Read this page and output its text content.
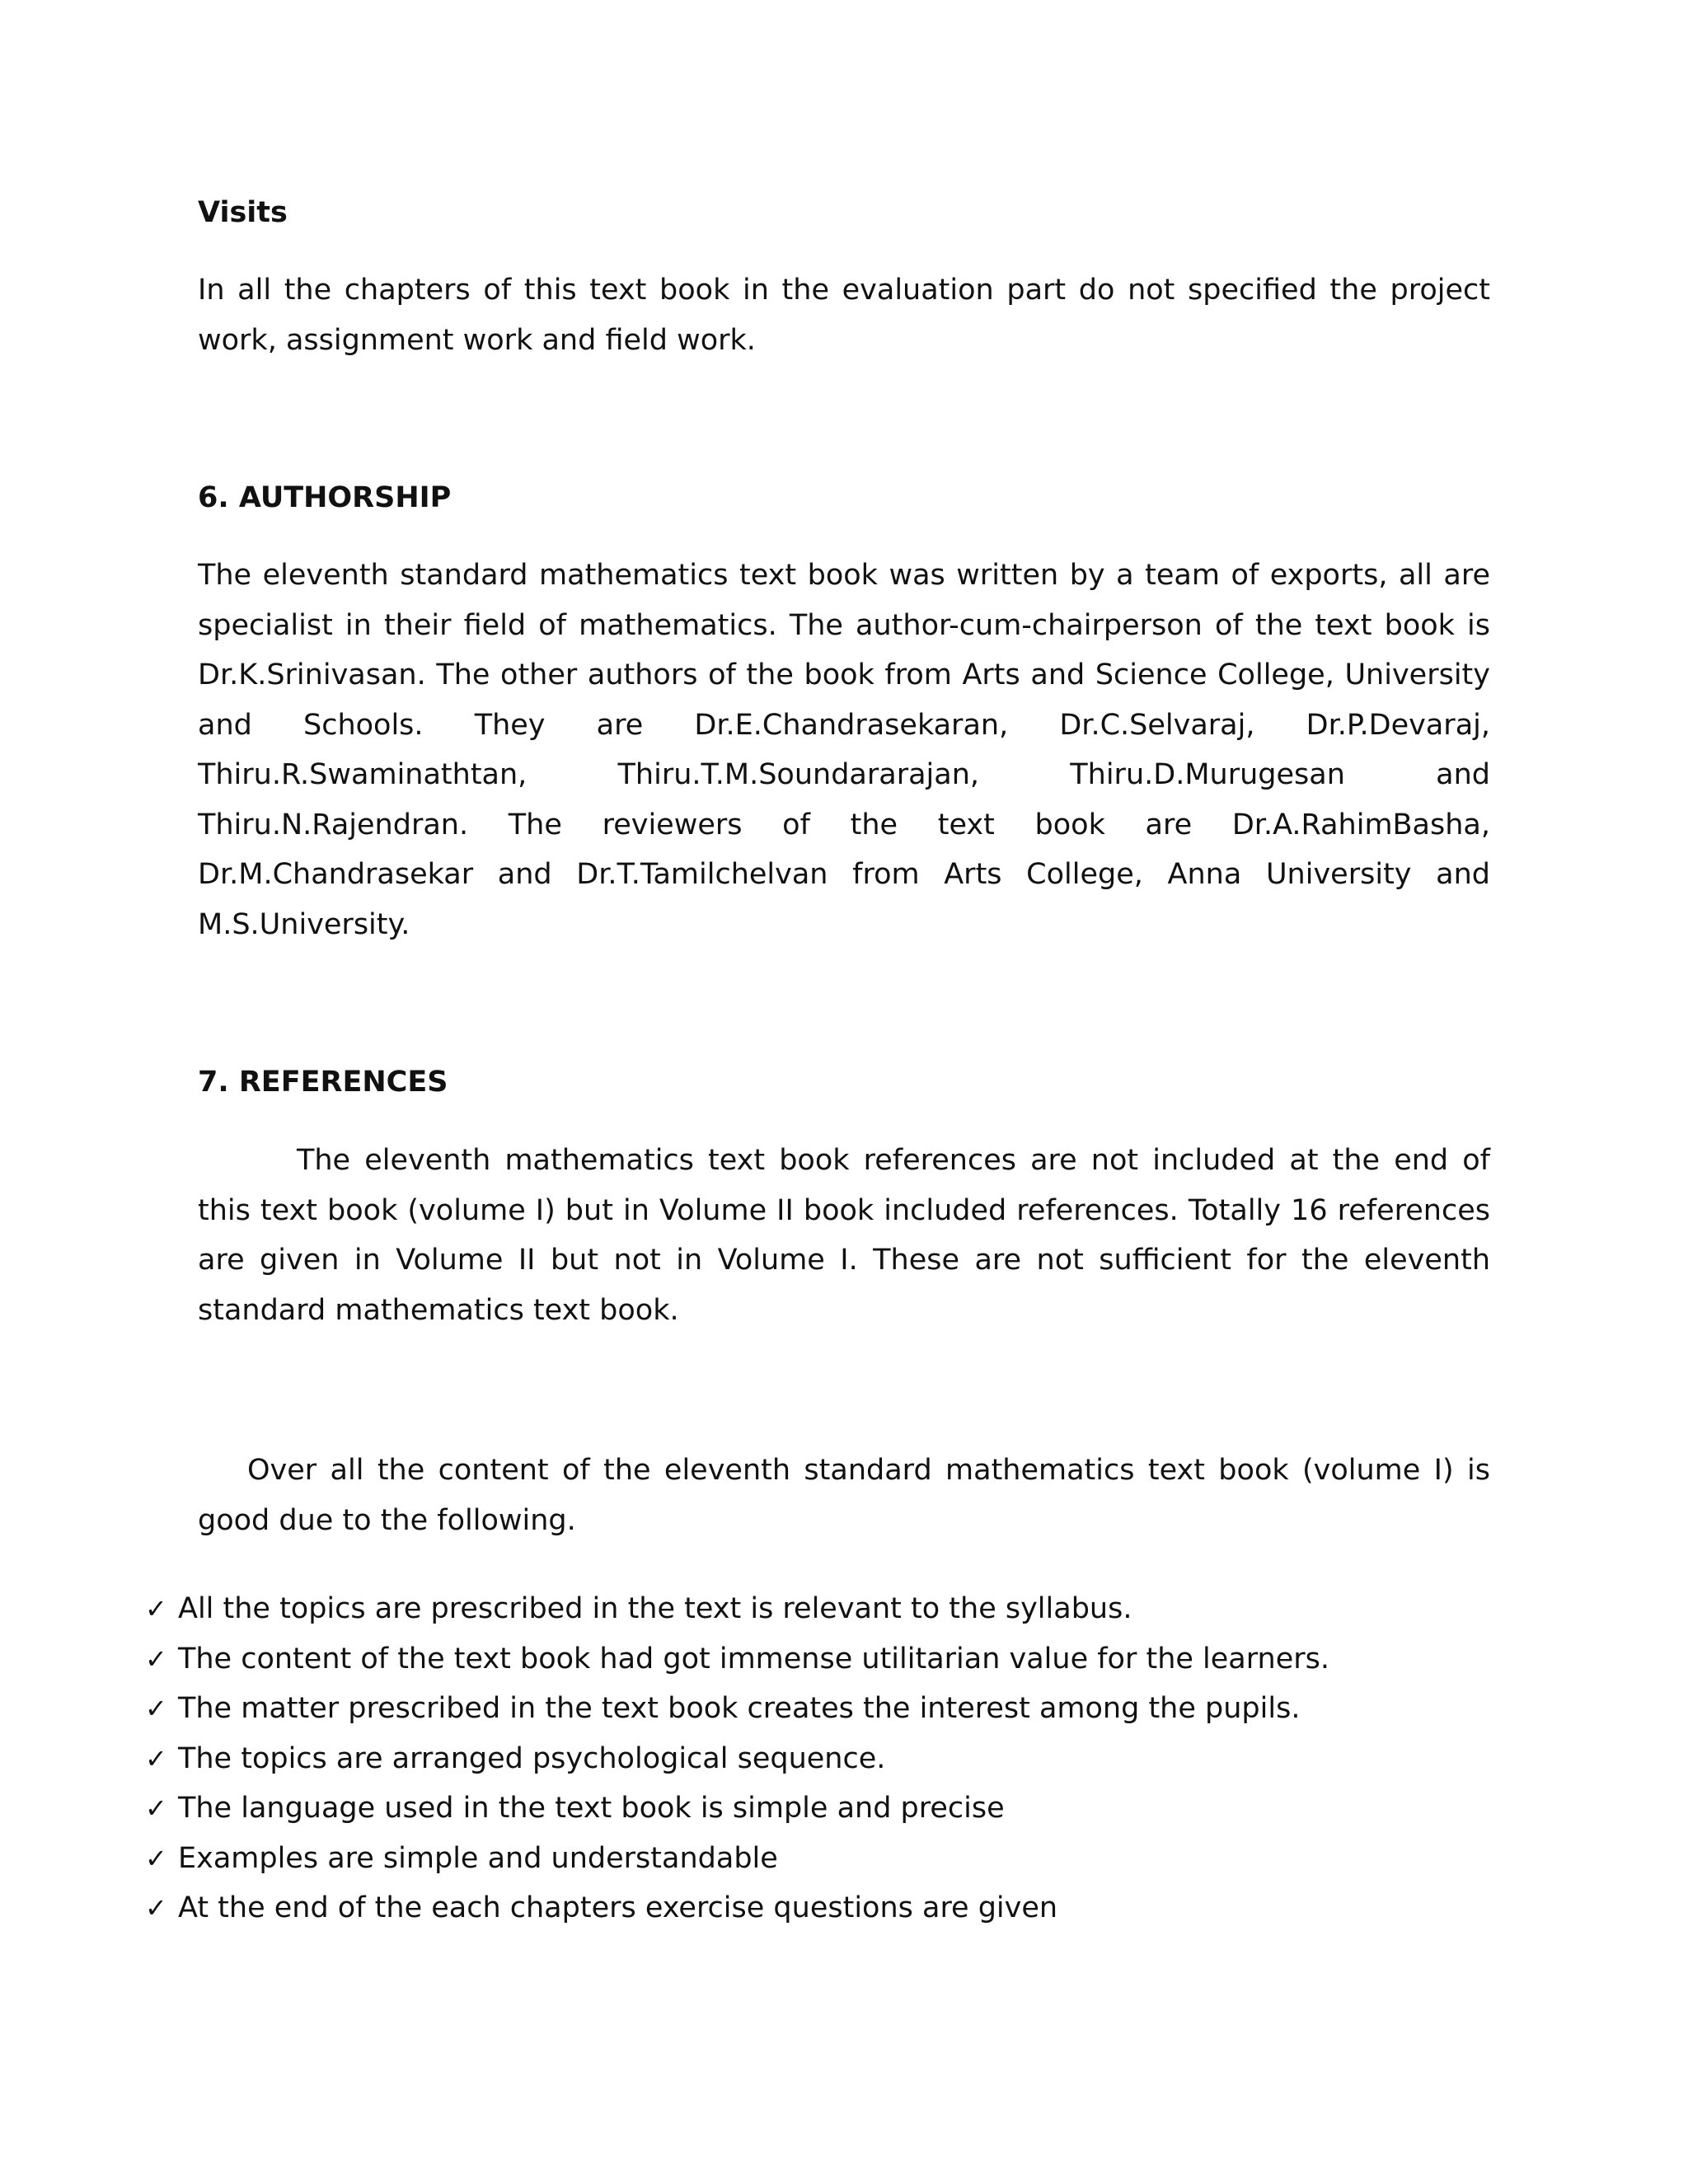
Visits

In all the chapters of this text book in the evaluation part do not specified the project work, assignment work and field work.

6. AUTHORSHIP

The eleventh standard mathematics text book was written by a team of exports, all are specialist in their field of mathematics. The author-cum-chairperson of the text book is Dr.K.Srinivasan. The other authors of the book from Arts and Science College, University and Schools. They are Dr.E.Chandrasekaran, Dr.C.Selvaraj, Dr.P.Devaraj, Thiru.R.Swaminathtan, Thiru.T.M.Soundararajan, Thiru.D.Murugesan and Thiru.N.Rajendran. The reviewers of the text book are Dr.A.RahimBasha, Dr.M.Chandrasekar and Dr.T.Tamilchelvan from Arts College, Anna University and M.S.University.

7. REFERENCES

The eleventh mathematics text book references are not included at the end of this text book (volume I) but in Volume II book included references. Totally 16 references are given in Volume II but not in Volume I. These are not sufficient for the eleventh standard mathematics text book.

Over all the content of the eleventh standard mathematics text book (volume I) is good due to the following.

✓ All the topics are prescribed in the text is relevant to the syllabus.
✓ The content of the text book had got immense utilitarian value for the learners.
✓ The matter prescribed in the text book creates the interest among the pupils.
✓ The topics are arranged psychological sequence.
✓ The language used in the text book is simple and precise
✓ Examples are simple and understandable
✓ At the end of the each chapters exercise questions are given
